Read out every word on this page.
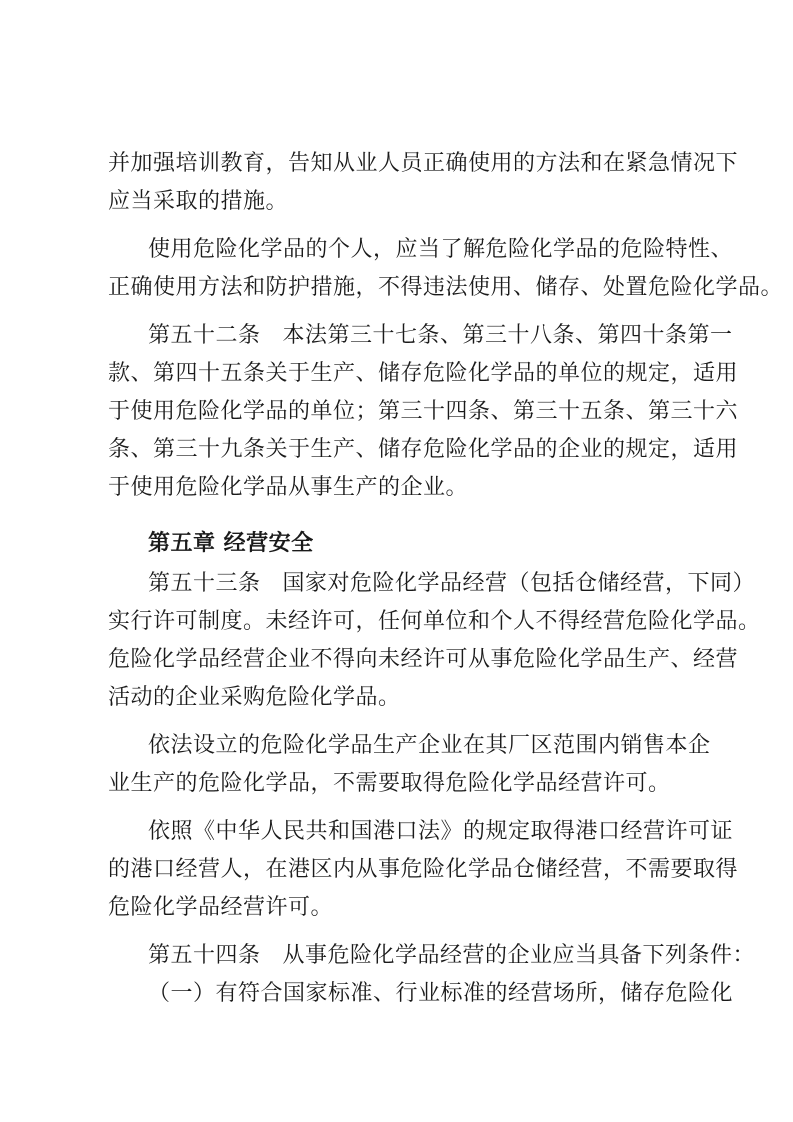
并加强培训教育，告知从业人员正确使用的方法和在紧急情况下
应当采取的措施。
使用危险化学品的个人，应当了解危险化学品的危险特性、
正确使用方法和防护措施，不得违法使用、储存、处置危险化学品。
第五十二条 本法第三十七条、第三十八条、第四十条第一
款、第四十五条关于生产、储存危险化学品的单位的规定，适用
于使用危险化学品的单位；第三十四条、第三十五条、第三十六
条、第三十九条关于生产、储存危险化学品的企业的规定，适用
于使用危险化学品从事生产的企业。
第五章 经营安全
第五十三条 国家对危险化学品经营（包括仓储经营，下同）
实行许可制度。未经许可，任何单位和个人不得经营危险化学品。
危险化学品经营企业不得向未经许可从事危险化学品生产、经营
活动的企业采购危险化学品。
依法设立的危险化学品生产企业在其厂区范围内销售本企
业生产的危险化学品，不需要取得危险化学品经营许可。
依照《中华人民共和国港口法》的规定取得港口经营许可证
的港口经营人，在港区内从事危险化学品仓储经营，不需要取得
危险化学品经营许可。
第五十四条 从事危险化学品经营的企业应当具备下列条件：
（一）有符合国家标准、行业标准的经营场所，储存危险化
